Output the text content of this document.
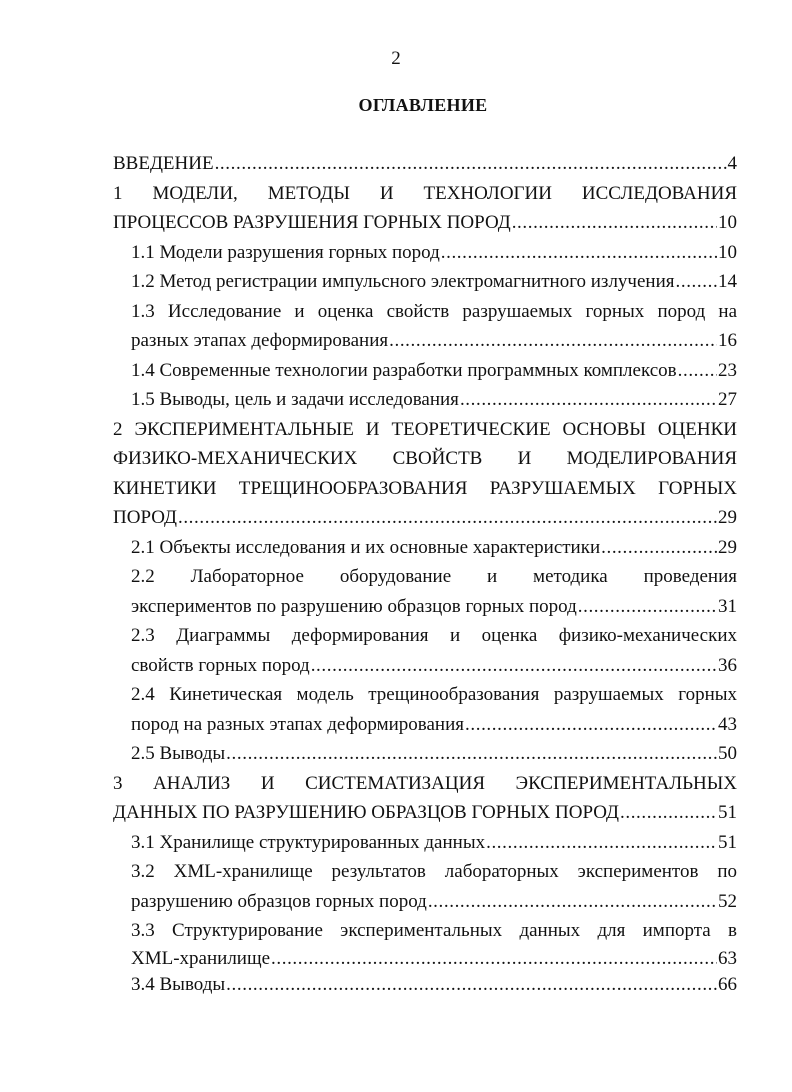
2
ОГЛАВЛЕНИЕ
ВВЕДЕНИЕ .....	4
1 МОДЕЛИ, МЕТОДЫ И ТЕХНОЛОГИИ ИССЛЕДОВАНИЯ
ПРОЦЕССОВ РАЗРУШЕНИЯ ГОРНЫХ ПОРОД .....	10
1.1 Модели разрушения горных пород .....	10
1.2 Метод регистрации импульсного электромагнитного излучения ..... 14
1.3 Исследование и оценка свойств разрушаемых горных пород на
разных этапах деформирования .....	16
1.4 Современные технологии разработки программных комплексов ..... 23
1.5 Выводы, цель и задачи исследования .....	27
2 ЭКСПЕРИМЕНТАЛЬНЫЕ И ТЕОРЕТИЧЕСКИЕ ОСНОВЫ ОЦЕНКИ
ФИЗИКО-МЕХАНИЧЕСКИХ СВОЙСТВ И МОДЕЛИРОВАНИЯ
КИНЕТИКИ ТРЕЩИНООБРАЗОВАНИЯ РАЗРУШАЕМЫХ ГОРНЫХ
ПОРОД .....	29
2.1 Объекты исследования и их основные характеристики .....	29
2.2 Лабораторное оборудование и методика проведения
экспериментов по разрушению образцов горных пород .....	31
2.3 Диаграммы деформирования и оценка физико-механических
свойств горных пород .....	36
2.4 Кинетическая модель трещинообразования разрушаемых горных
пород на разных этапах деформирования .....	43
2.5 Выводы .....	50
3 АНАЛИЗ И СИСТЕМАТИЗАЦИЯ ЭКСПЕРИМЕНТАЛЬНЫХ
ДАННЫХ ПО РАЗРУШЕНИЮ ОБРАЗЦОВ ГОРНЫХ ПОРОД .....	51
3.1 Хранилище структурированных данных .....	51
3.2 XML-хранилище результатов лабораторных экспериментов по
разрушению образцов горных пород .....	52
3.3 Структурирование экспериментальных данных для импорта в
XML-хранилище .....	63
3.4 Выводы .....	66
